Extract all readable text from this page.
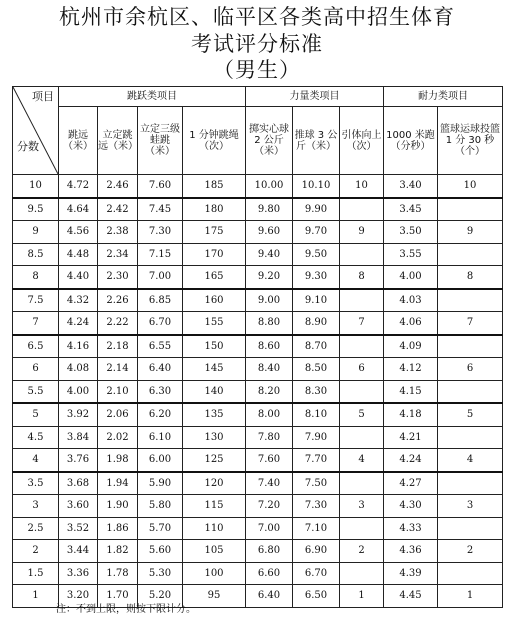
杭州市余杭区、临平区各类高中招生体育
考试评分标准
（男生）
项目
分数	跳跃类项目				力量类项目			耐力类项目	
	跳远（米）	立定跳远（米）	立定三级蛙跳（米）	1 分钟跳绳（次）	掷实心球 2 公斤（米）	推球 3 公斤（米）	引体向上（次）	1000 米跑（分秒）	篮球运球投篮 1 分 30 秒（个）
10	4.72	2.46	7.60	185	10.00	10.10	10	3.40	10
9.5	4.64	2.42	7.45	180	9.80	9.90		3.45	
9	4.56	2.38	7.30	175	9.60	9.70	9	3.50	9
8.5	4.48	2.34	7.15	170	9.40	9.50		3.55	
8	4.40	2.30	7.00	165	9.20	9.30	8	4.00	8
7.5	4.32	2.26	6.85	160	9.00	9.10		4.03	
7	4.24	2.22	6.70	155	8.80	8.90	7	4.06	7
6.5	4.16	2.18	6.55	150	8.60	8.70		4.09	
6	4.08	2.14	6.40	145	8.40	8.50	6	4.12	6
5.5	4.00	2.10	6.30	140	8.20	8.30		4.15	
5	3.92	2.06	6.20	135	8.00	8.10	5	4.18	5
4.5	3.84	2.02	6.10	130	7.80	7.90		4.21	
4	3.76	1.98	6.00	125	7.60	7.70	4	4.24	4
3.5	3.68	1.94	5.90	120	7.40	7.50		4.27	
3	3.60	1.90	5.80	115	7.20	7.30	3	4.30	3
2.5	3.52	1.86	5.70	110	7.00	7.10		4.33	
2	3.44	1.82	5.60	105	6.80	6.90	2	4.36	2
1.5	3.36	1.78	5.30	100	6.60	6.70		4.39	
1	3.20	1.70	5.20	95	6.40	6.50	1	4.45	1
注：不到上限，则按下限计分。
